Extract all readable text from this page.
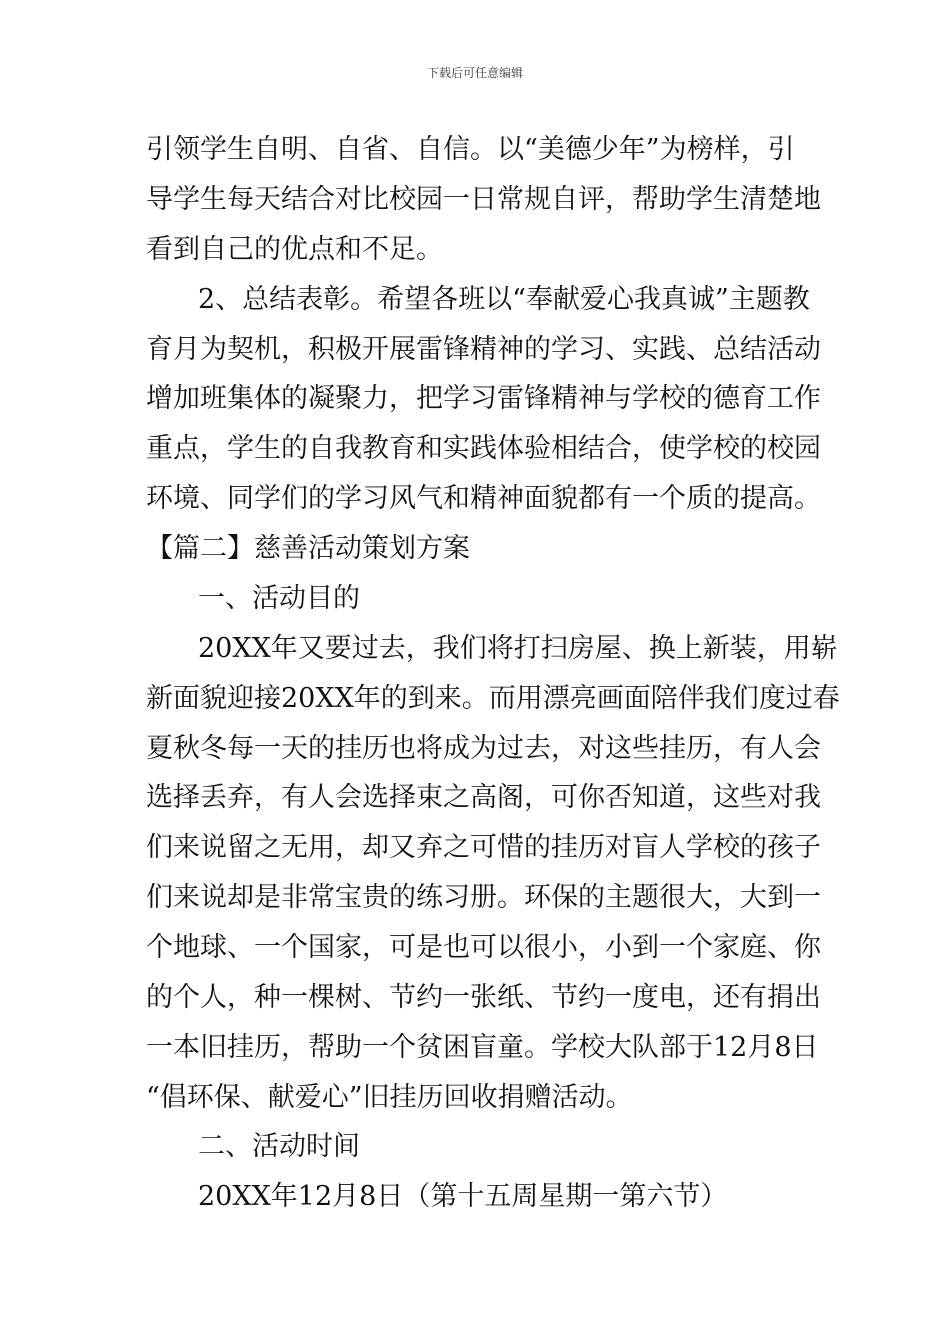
下载后可任意编辑
引领学生自明、自省、自信。以“美德少年”为榜样，引
导学生每天结合对比校园一日常规自评，帮助学生清楚地
看到自己的优点和不足。
2、总结表彰。希望各班以“奉献爱心我真诚”主题教
育月为契机，积极开展雷锋精神的学习、实践、总结活动
增加班集体的凝聚力，把学习雷锋精神与学校的德育工作
重点，学生的自我教育和实践体验相结合，使学校的校园
环境、同学们的学习风气和精神面貌都有一个质的提高。
【篇二】慈善活动策划方案
一、活动目的
20XX年又要过去，我们将打扫房屋、换上新装，用崭
新面貌迎接20XX年的到来。而用漂亮画面陪伴我们度过春
夏秋冬每一天的挂历也将成为过去，对这些挂历，有人会
选择丢弃，有人会选择束之高阁，可你否知道，这些对我
们来说留之无用，却又弃之可惜的挂历对盲人学校的孩子
们来说却是非常宝贵的练习册。环保的主题很大，大到一
个地球、一个国家，可是也可以很小，小到一个家庭、你
的个人，种一棵树、节约一张纸、节约一度电，还有捐出
一本旧挂历，帮助一个贫困盲童。学校大队部于12月8日
“倡环保、献爱心”旧挂历回收捐赠活动。
二、活动时间
20XX年12月8日（第十五周星期一第六节）
